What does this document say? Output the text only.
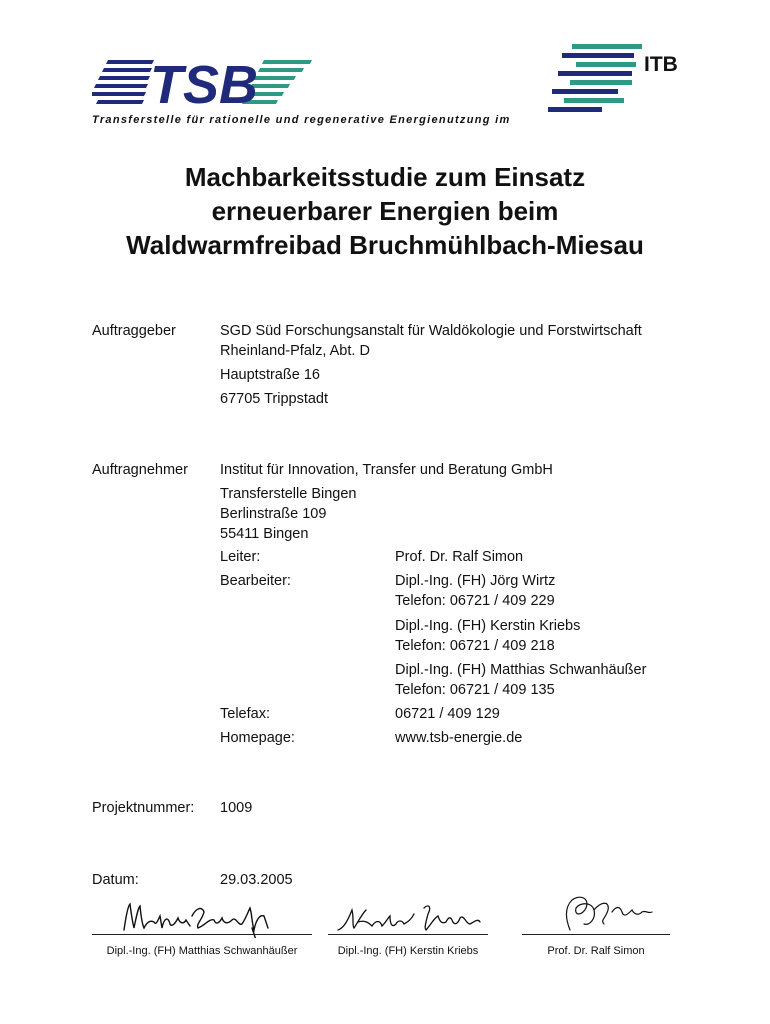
TSB	ITB
Transferstelle für rationelle und regenerative Energienutzung im
Machbarkeitsstudie zum Einsatz
erneuerbarer Energien beim
Waldwarmfreibad Bruchmühlbach-Miesau
Auftraggeber	SGD Süd Forschungsanstalt für Waldökologie und Forstwirtschaft
Rheinland-Pfalz, Abt. D
Hauptstraße 16
67705 Trippstadt
Auftragnehmer Institut für Innovation, Transfer und Beratung GmbH
Transferstelle Bingen
Berlinstraße 109
55411 Bingen
Leiter:	Prof. Dr. Ralf Simon
Bearbeiter:	Dipl.-Ing. (FH) Jörg Wirtz
Telefon: 06721 / 409 229
Dipl.-Ing. (FH) Kerstin Kriebs
Telefon: 06721 / 409 218
Dipl.-Ing. (FH) Matthias Schwanhäußer
Telefon: 06721 / 409 135
Telefax:	06721 / 409 129
Homepage:	www.tsb-energie.de
Projektnummer: 1009
Datum:	29.03.2005
Dipl.-Ing. (FH) Matthias Schwanhäußer	Dipl.-Ing. (FH) Kerstin Kriebs	Prof. Dr. Ralf Simon
